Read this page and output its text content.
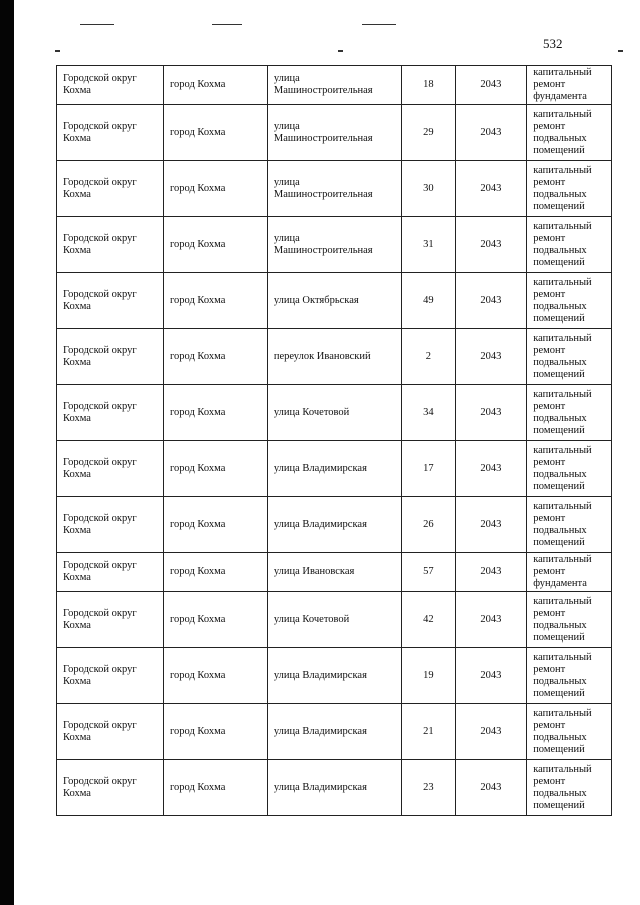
532
Городской округ Кохма	город Кохма	улица Машиностроительная	18	2043	капитальный ремонт фундамента
Городской округ Кохма	город Кохма	улица Машиностроительная	29	2043	капитальный ремонт подвальных помещений
Городской округ Кохма	город Кохма	улица Машиностроительная	30	2043	капитальный ремонт подвальных помещений
Городской округ Кохма	город Кохма	улица Машиностроительная	31	2043	капитальный ремонт подвальных помещений
Городской округ Кохма	город Кохма	улица Октябрьская	49	2043	капитальный ремонт подвальных помещений
Городской округ Кохма	город Кохма	переулок Ивановский	2	2043	капитальный ремонт подвальных помещений
Городской округ Кохма	город Кохма	улица Кочетовой	34	2043	капитальный ремонт подвальных помещений
Городской округ Кохма	город Кохма	улица Владимирская	17	2043	капитальный ремонт подвальных помещений
Городской округ Кохма	город Кохма	улица Владимирская	26	2043	капитальный ремонт подвальных помещений
Городской округ Кохма	город Кохма	улица Ивановская	57	2043	капитальный ремонт фундамента
Городской округ Кохма	город Кохма	улица Кочетовой	42	2043	капитальный ремонт подвальных помещений
Городской округ Кохма	город Кохма	улица Владимирская	19	2043	капитальный ремонт подвальных помещений
Городской округ Кохма	город Кохма	улица Владимирская	21	2043	капитальный ремонт подвальных помещений
Городской округ Кохма	город Кохма	улица Владимирская	23	2043	капитальный ремонт подвальных помещений
